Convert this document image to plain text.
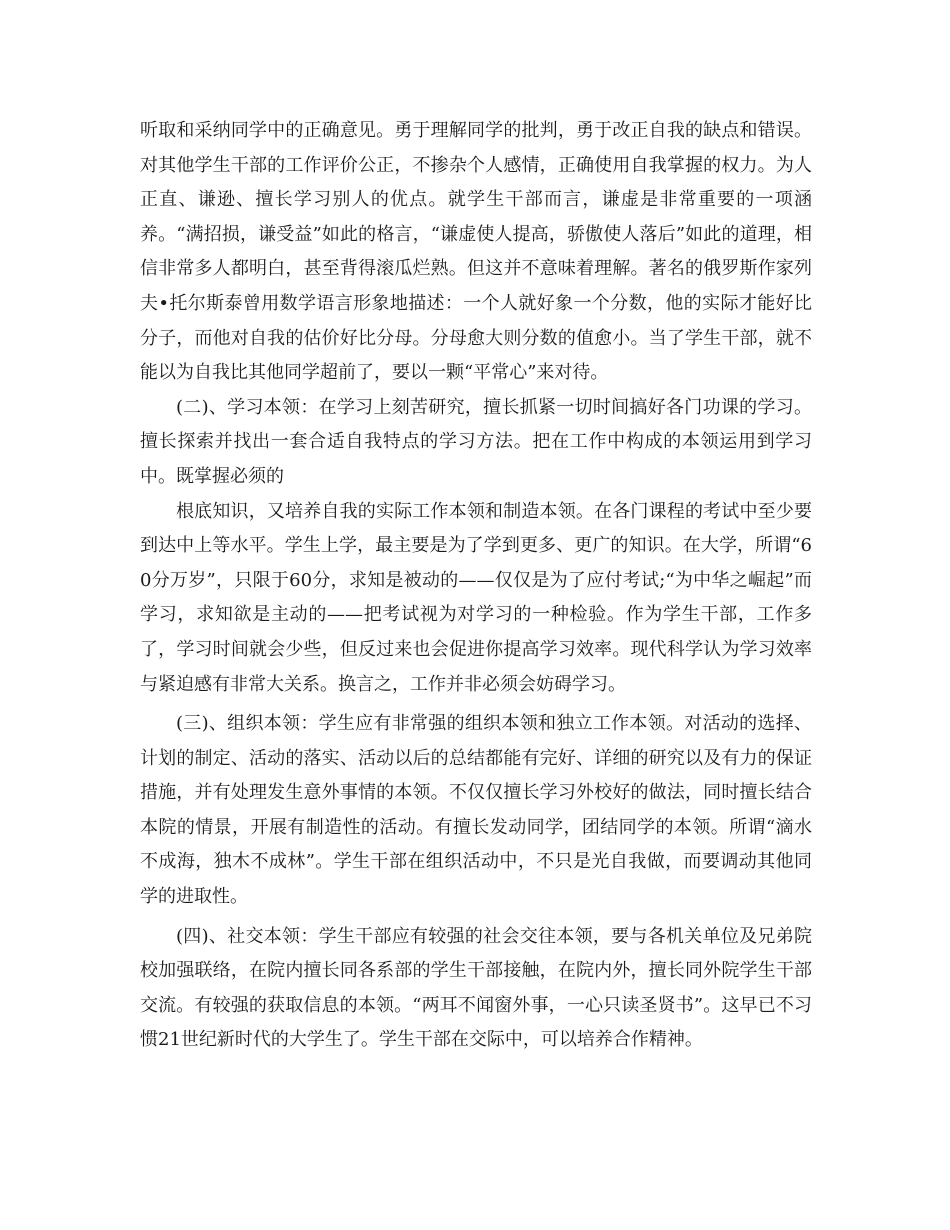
听取和采纳同学中的正确意见。勇于理解同学的批判，勇于改正自我的缺点和错误。对其他学生干部的工作评价公正，不掺杂个人感情，正确使用自我掌握的权力。为人正直、谦逊、擅长学习别人的优点。就学生干部而言，谦虚是非常重要的一项涵养。“满招损，谦受益”如此的格言，“谦虚使人提高，骄傲使人落后”如此的道理，相信非常多人都明白，甚至背得滚瓜烂熟。但这并不意味着理解。著名的俄罗斯作家列夫•托尔斯泰曾用数学语言形象地描述：一个人就好象一个分数，他的实际才能好比分子，而他对自我的估价好比分母。分母愈大则分数的值愈小。当了学生干部，就不能以为自我比其他同学超前了，要以一颗“平常心”来对待。

(二)、学习本领：在学习上刻苦研究，擅长抓紧一切时间搞好各门功课的学习。擅长探索并找出一套合适自我特点的学习方法。把在工作中构成的本领运用到学习中。既掌握必须的

根底知识，又培养自我的实际工作本领和制造本领。在各门课程的考试中至少要到达中上等水平。学生上学，最主要是为了学到更多、更广的知识。在大学，所谓“60分万岁”，只限于60分，求知是被动的——仅仅是为了应付考试;“为中华之崛起”而学习，求知欲是主动的——把考试视为对学习的一种检验。作为学生干部，工作多了，学习时间就会少些，但反过来也会促进你提高学习效率。现代科学认为学习效率与紧迫感有非常大关系。换言之，工作并非必须会妨碍学习。

(三)、组织本领：学生应有非常强的组织本领和独立工作本领。对活动的选择、计划的制定、活动的落实、活动以后的总结都能有完好、详细的研究以及有力的保证措施，并有处理发生意外事情的本领。不仅仅擅长学习外校好的做法，同时擅长结合本院的情景，开展有制造性的活动。有擅长发动同学，团结同学的本领。所谓“滴水不成海，独木不成林”。学生干部在组织活动中，不只是光自我做，而要调动其他同学的进取性。

(四)、社交本领：学生干部应有较强的社会交往本领，要与各机关单位及兄弟院校加强联络，在院内擅长同各系部的学生干部接触，在院内外，擅长同外院学生干部交流。有较强的获取信息的本领。“两耳不闻窗外事，一心只读圣贤书”。这早已不习惯21世纪新时代的大学生了。学生干部在交际中，可以培养合作精神。
